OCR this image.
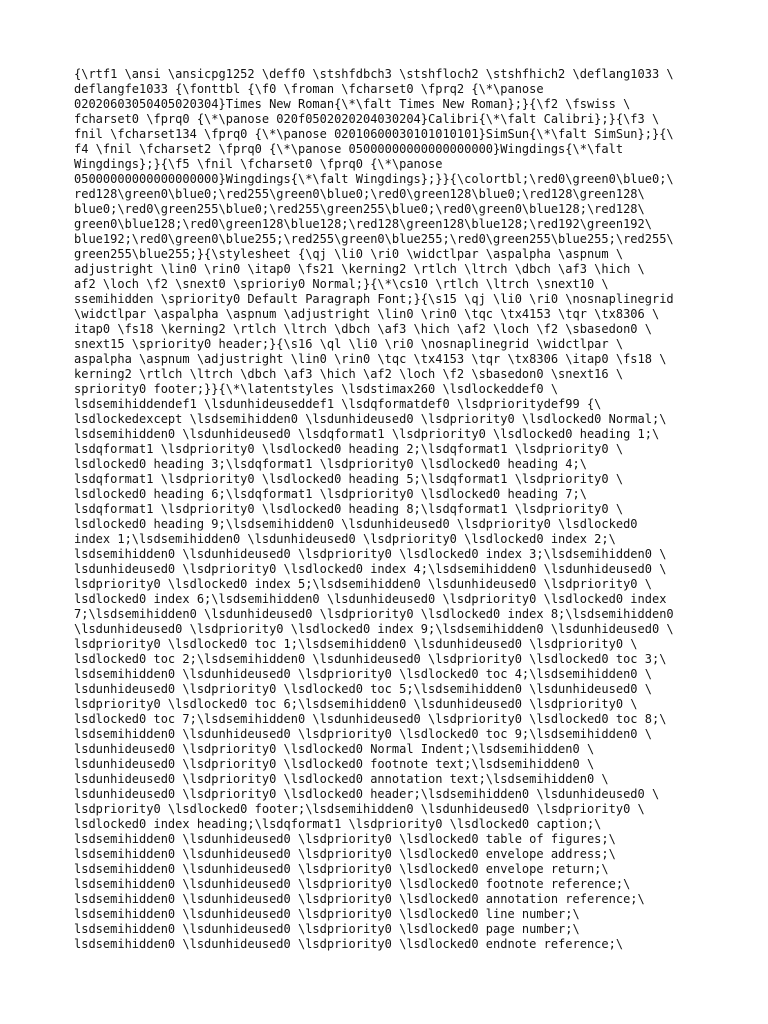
{\rtf1 \ansi \ansicpg1252 \deff0 \stshfdbch3 \stshfloch2 \stshfhich2 \deflang1033 \
deflangfe1033 {\fonttbl {\f0 \froman \fcharset0 \fprq2 {\*\panose
02020603050405020304}Times New Roman{\*\falt Times New Roman};}{\f2 \fswiss \
fcharset0 \fprq0 {\*\panose 020f0502020204030204}Calibri{\*\falt Calibri};}{\f3 \
fnil \fcharset134 \fprq0 {\*\panose 02010600030101010101}SimSun{\*\falt SimSun};}{\
f4 \fnil \fcharset2 \fprq0 {\*\panose 05000000000000000000}Wingdings{\*\falt
Wingdings};}{\f5 \fnil \fcharset0 \fprq0 {\*\panose
05000000000000000000}Wingdings{\*\falt Wingdings};}}{\colortbl;\red0\green0\blue0;\
red128\green0\blue0;\red255\green0\blue0;\red0\green128\blue0;\red128\green128\
blue0;\red0\green255\blue0;\red255\green255\blue0;\red0\green0\blue128;\red128\
green0\blue128;\red0\green128\blue128;\red128\green128\blue128;\red192\green192\
blue192;\red0\green0\blue255;\red255\green0\blue255;\red0\green255\blue255;\red255\
green255\blue255;}{\stylesheet {\qj \li0 \ri0 \widctlpar \aspalpha \aspnum \
adjustright \lin0 \rin0 \itap0 \fs21 \kerning2 \rtlch \ltrch \dbch \af3 \hich \
af2 \loch \f2 \snext0 \sprioriy0 Normal;}{\*\cs10 \rtlch \ltrch \snext10 \
ssemihidden \spriority0 Default Paragraph Font;}{\s15 \qj \li0 \ri0 \nosnaplinegrid
\widctlpar \aspalpha \aspnum \adjustright \lin0 \rin0 \tqc \tx4153 \tqr \tx8306 \
itap0 \fs18 \kerning2 \rtlch \ltrch \dbch \af3 \hich \af2 \loch \f2 \sbasedon0 \
snext15 \spriority0 header;}{\s16 \ql \li0 \ri0 \nosnaplinegrid \widctlpar \
aspalpha \aspnum \adjustright \lin0 \rin0 \tqc \tx4153 \tqr \tx8306 \itap0 \fs18 \
kerning2 \rtlch \ltrch \dbch \af3 \hich \af2 \loch \f2 \sbasedon0 \snext16 \
spriority0 footer;}}{\*\latentstyles \lsdstimax260 \lsdlockeddef0 \
lsdsemihiddendef1 \lsdunhideuseddef1 \lsdqformatdef0 \lsdprioritydef99 {\
lsdlockedexcept \lsdsemihidden0 \lsdunhideused0 \lsdpriority0 \lsdlocked0 Normal;\
lsdsemihidden0 \lsdunhideused0 \lsdqformat1 \lsdpriority0 \lsdlocked0 heading 1;\
lsdqformat1 \lsdpriority0 \lsdlocked0 heading 2;\lsdqformat1 \lsdpriority0 \
lsdlocked0 heading 3;\lsdqformat1 \lsdpriority0 \lsdlocked0 heading 4;\
lsdqformat1 \lsdpriority0 \lsdlocked0 heading 5;\lsdqformat1 \lsdpriority0 \
lsdlocked0 heading 6;\lsdqformat1 \lsdpriority0 \lsdlocked0 heading 7;\
lsdqformat1 \lsdpriority0 \lsdlocked0 heading 8;\lsdqformat1 \lsdpriority0 \
lsdlocked0 heading 9;\lsdsemihidden0 \lsdunhideused0 \lsdpriority0 \lsdlocked0
index 1;\lsdsemihidden0 \lsdunhideused0 \lsdpriority0 \lsdlocked0 index 2;\
lsdsemihidden0 \lsdunhideused0 \lsdpriority0 \lsdlocked0 index 3;\lsdsemihidden0 \
lsdunhideused0 \lsdpriority0 \lsdlocked0 index 4;\lsdsemihidden0 \lsdunhideused0 \
lsdpriority0 \lsdlocked0 index 5;\lsdsemihidden0 \lsdunhideused0 \lsdpriority0 \
lsdlocked0 index 6;\lsdsemihidden0 \lsdunhideused0 \lsdpriority0 \lsdlocked0 index
7;\lsdsemihidden0 \lsdunhideused0 \lsdpriority0 \lsdlocked0 index 8;\lsdsemihidden0
\lsdunhideused0 \lsdpriority0 \lsdlocked0 index 9;\lsdsemihidden0 \lsdunhideused0 \
lsdpriority0 \lsdlocked0 toc 1;\lsdsemihidden0 \lsdunhideused0 \lsdpriority0 \
lsdlocked0 toc 2;\lsdsemihidden0 \lsdunhideused0 \lsdpriority0 \lsdlocked0 toc 3;\
lsdsemihidden0 \lsdunhideused0 \lsdpriority0 \lsdlocked0 toc 4;\lsdsemihidden0 \
lsdunhideused0 \lsdpriority0 \lsdlocked0 toc 5;\lsdsemihidden0 \lsdunhideused0 \
lsdpriority0 \lsdlocked0 toc 6;\lsdsemihidden0 \lsdunhideused0 \lsdpriority0 \
lsdlocked0 toc 7;\lsdsemihidden0 \lsdunhideused0 \lsdpriority0 \lsdlocked0 toc 8;\
lsdsemihidden0 \lsdunhideused0 \lsdpriority0 \lsdlocked0 toc 9;\lsdsemihidden0 \
lsdunhideused0 \lsdpriority0 \lsdlocked0 Normal Indent;\lsdsemihidden0 \
lsdunhideused0 \lsdpriority0 \lsdlocked0 footnote text;\lsdsemihidden0 \
lsdunhideused0 \lsdpriority0 \lsdlocked0 annotation text;\lsdsemihidden0 \
lsdunhideused0 \lsdpriority0 \lsdlocked0 header;\lsdsemihidden0 \lsdunhideused0 \
lsdpriority0 \lsdlocked0 footer;\lsdsemihidden0 \lsdunhideused0 \lsdpriority0 \
lsdlocked0 index heading;\lsdqformat1 \lsdpriority0 \lsdlocked0 caption;\
lsdsemihidden0 \lsdunhideused0 \lsdpriority0 \lsdlocked0 table of figures;\
lsdsemihidden0 \lsdunhideused0 \lsdpriority0 \lsdlocked0 envelope address;\
lsdsemihidden0 \lsdunhideused0 \lsdpriority0 \lsdlocked0 envelope return;\
lsdsemihidden0 \lsdunhideused0 \lsdpriority0 \lsdlocked0 footnote reference;\
lsdsemihidden0 \lsdunhideused0 \lsdpriority0 \lsdlocked0 annotation reference;\
lsdsemihidden0 \lsdunhideused0 \lsdpriority0 \lsdlocked0 line number;\
lsdsemihidden0 \lsdunhideused0 \lsdpriority0 \lsdlocked0 page number;\
lsdsemihidden0 \lsdunhideused0 \lsdpriority0 \lsdlocked0 endnote reference;\
